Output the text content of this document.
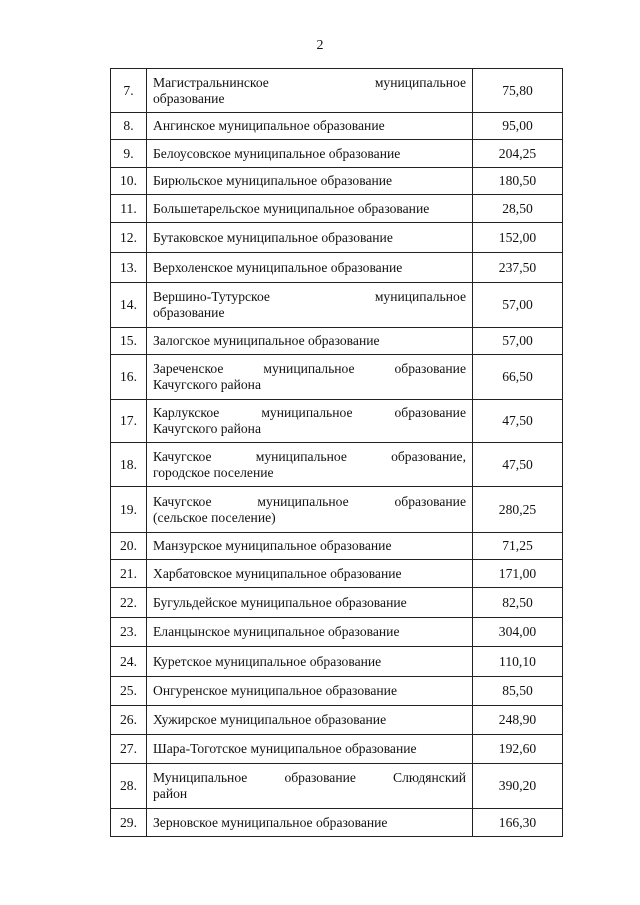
2
7.	Магистральнинское муниципальное
образование	75,80
8.	Ангинское муниципальное образование	95,00
9.	Белоусовское муниципальное образование	204,25
10.	Бирюльское муниципальное образование	180,50
11.	Большетарельское муниципальное образование	28,50
12.	Бутаковское муниципальное образование	152,00
13.	Верхоленское муниципальное образование	237,50
14.	Вершино-Тутурское муниципальное
образование	57,00
15.	Залогское муниципальное образование	57,00
16.	Зареченское муниципальное образование
Качугского района	66,50
17.	Карлукское муниципальное образование
Качугского района	47,50
18.	Качугское муниципальное образование,
городское поселение	47,50
19.	Качугское муниципальное образование
(сельское поселение)	280,25
20.	Манзурское муниципальное образование	71,25
21.	Харбатовское муниципальное образование	171,00
22.	Бугульдейское муниципальное образование	82,50
23.	Еланцынское муниципальное образование	304,00
24.	Куретское муниципальное образование	110,10
25.	Онгуренское муниципальное образование	85,50
26.	Хужирское муниципальное образование	248,90
27.	Шара-Тоготское муниципальное образование	192,60
28.	Муниципальное образование Слюдянский
район	390,20
29.	Зерновское муниципальное образование	166,30
